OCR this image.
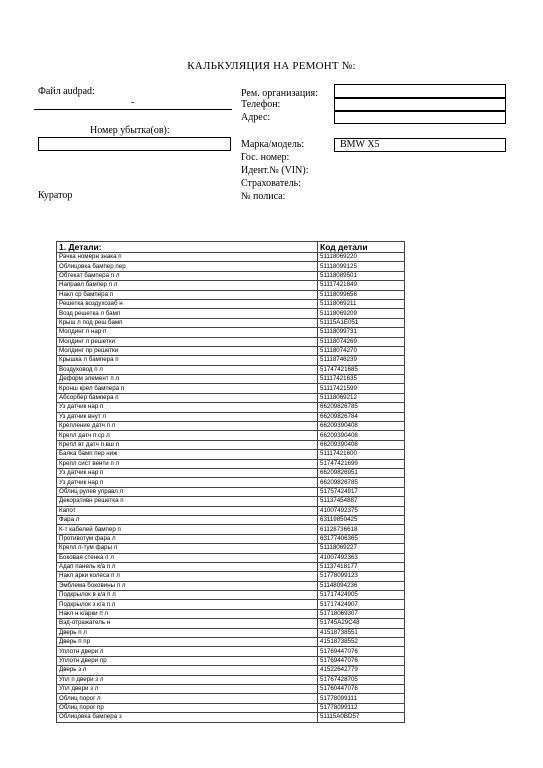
КАЛЬКУЛЯЦИЯ НА РЕМОНТ №:
Файл audpad:
-
Номер убытка(ов):
Куратор
Рем. организация:
Телефон:
Адрес:
Марка/модель:
Гос. номер:
Идент.№ (VIN):
Страхователь:
№ полиса:
BMW X5
1. Детали:	Код детали
Рачка номерн знака п	51118069220
Облицовка бампер пер	51118099125
Обтекат бампера п л	51118089501
Направл бампер п л	51117421849
Накл ср бампера п	51118099656
Решетка воздухозаб н	51118069211
Возд решетка л бамп	51118069209
Крыш л под реш бамп	51115A1E051
Молдинг л нар п	51118099731
Молдинг л решетки	51118074269
Молдинг пр решетки	51118074270
Крышка л бампера п	51118746239
Воздуховод п л	51747421685
Деформ элемент п л	51117421635
Кронш крел бампера п	51117421599
Абсорбер бампера п	51118069212
Уз датчик нар п	66209826785
Уз датчик внут л	66209826784
Крепление датч п л	66209390408
Крепл датч п ср л	66209390408
Крепл вт датч п вш л	66209390408
Балка бамп пер ниж	51117421600
Крепл сист венти п л	51747421699
Уз датчик нар п	66209826951
Уз датчик нар п	66209826785
Облиц рулев управл л	51757424917
Декоративн решетка п	51137454887
Капот	41007492375
Фара л	63119850425
К-т кабелей бампер п	61128736618
Противотум фара л	63177406365
Крепл п-тум фары л	51118069227
Боковая стенка п л	41007492363
Адап панель к/а п л	51137418177
Накл арки колеса п л	51778099123
Эмблема боковины п л	51148094236
Подкрылок в к/а п л	51717424905
Подкрылок з к/а п л	51717424907
Накл н к/арки п л	51718069307
Вэд-отражатель н	51745A29C48
Дверь п л	41518738551
Дверь п пр	41518738552
Уплотн двери л	51769447076
Уплотн двери пр	51769447076
Дверь з л	41522642779
Упл п двери з л	51767428705
Упл двери з л	51760447076
Облиц порог л	51778099111
Облиц порог пр	51778099112
Облицовка бампера з	51115A0BD57
